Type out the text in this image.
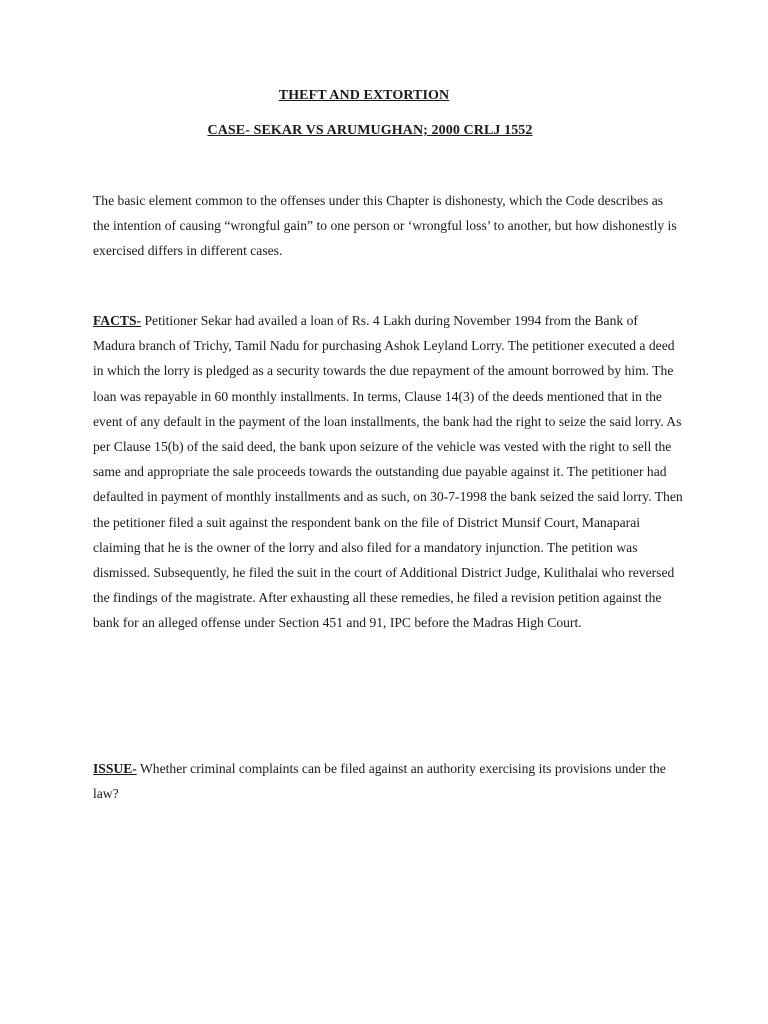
THEFT AND EXTORTION
CASE- SEKAR VS ARUMUGHAN; 2000 CRLJ 1552

The basic element common to the offenses under this Chapter is dishonesty, which the Code describes as the intention of causing “wrongful gain” to one person or ‘wrongful loss’ to another, but how dishonestly is exercised differs in different cases.

FACTS- Petitioner Sekar had availed a loan of Rs. 4 Lakh during November 1994 from the Bank of Madura branch of Trichy, Tamil Nadu for purchasing Ashok Leyland Lorry. The petitioner executed a deed in which the lorry is pledged as a security towards the due repayment of the amount borrowed by him. The loan was repayable in 60 monthly installments. In terms, Clause 14(3) of the deeds mentioned that in the event of any default in the payment of the loan installments, the bank had the right to seize the said lorry. As per Clause 15(b) of the said deed, the bank upon seizure of the vehicle was vested with the right to sell the same and appropriate the sale proceeds towards the outstanding due payable against it. The petitioner had defaulted in payment of monthly installments and as such, on 30-7-1998 the bank seized the said lorry. Then the petitioner filed a suit against the respondent bank on the file of District Munsif Court, Manaparai claiming that he is the owner of the lorry and also filed for a mandatory injunction. The petition was dismissed. Subsequently, he filed the suit in the court of Additional District Judge, Kulithalai who reversed the findings of the magistrate. After exhausting all these remedies, he filed a revision petition against the bank for an alleged offense under Section 451 and 91, IPC before the Madras High Court.

ISSUE- Whether criminal complaints can be filed against an authority exercising its provisions under the law?
